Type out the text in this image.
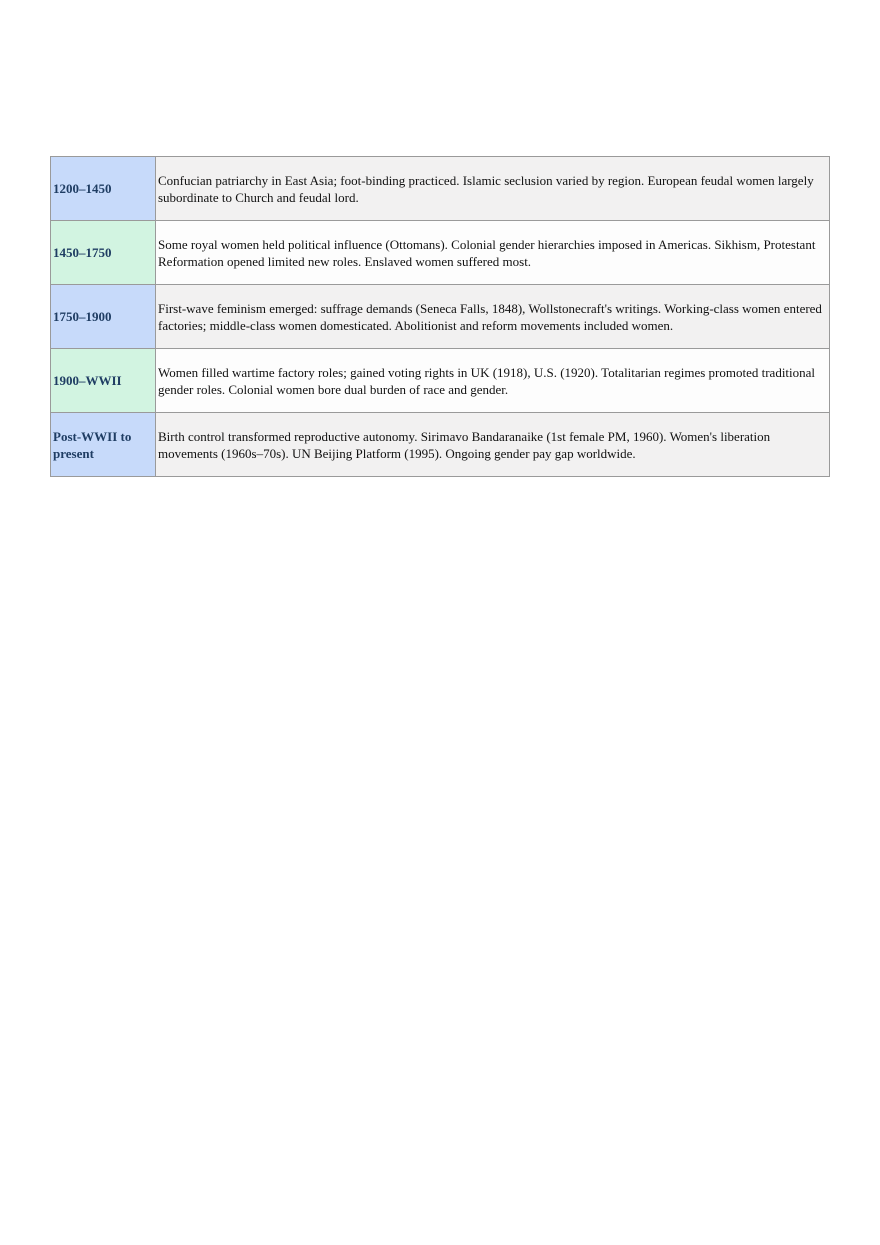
1200–1450	Confucian patriarchy in East Asia; foot-binding practiced. Islamic seclusion varied by region. European feudal women largely subordinate to Church and feudal lord.
1450–1750	Some royal women held political influence (Ottomans). Colonial gender hierarchies imposed in Americas. Sikhism, Protestant Reformation opened limited new roles. Enslaved women suffered most.
1750–1900	First-wave feminism emerged: suffrage demands (Seneca Falls, 1848), Wollstonecraft's writings. Working-class women entered factories; middle-class women domesticated. Abolitionist and reform movements included women.
1900–WWII	Women filled wartime factory roles; gained voting rights in UK (1918), U.S. (1920). Totalitarian regimes promoted traditional gender roles. Colonial women bore dual burden of race and gender.
Post-WWII to present	Birth control transformed reproductive autonomy. Sirimavo Bandaranaike (1st female PM, 1960). Women's liberation movements (1960s–70s). UN Beijing Platform (1995). Ongoing gender pay gap worldwide.
